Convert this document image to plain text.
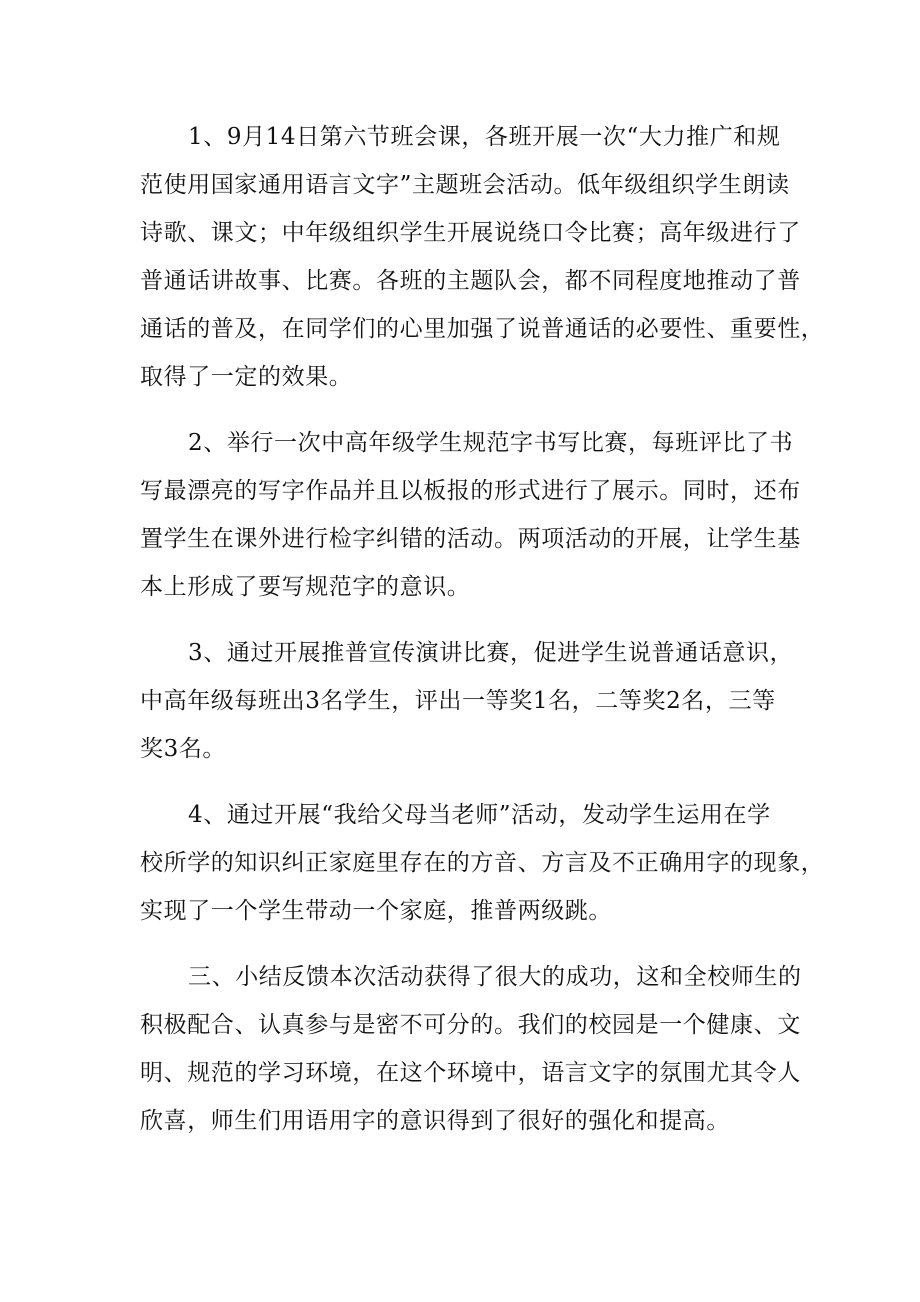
1、9月14日第六节班会课，各班开展一次“大力推广和规
范使用国家通用语言文字”主题班会活动。低年级组织学生朗读
诗歌、课文；中年级组织学生开展说绕口令比赛；高年级进行了
普通话讲故事、比赛。各班的主题队会，都不同程度地推动了普
通话的普及，在同学们的心里加强了说普通话的必要性、重要性，
取得了一定的效果。
2、举行一次中高年级学生规范字书写比赛，每班评比了书
写最漂亮的写字作品并且以板报的形式进行了展示。同时，还布
置学生在课外进行检字纠错的活动。两项活动的开展，让学生基
本上形成了要写规范字的意识。
3、通过开展推普宣传演讲比赛，促进学生说普通话意识，
中高年级每班出3名学生，评出一等奖1名，二等奖2名，三等
奖3名。
4、通过开展“我给父母当老师”活动，发动学生运用在学
校所学的知识纠正家庭里存在的方音、方言及不正确用字的现象，
实现了一个学生带动一个家庭，推普两级跳。
三、小结反馈本次活动获得了很大的成功，这和全校师生的
积极配合、认真参与是密不可分的。我们的校园是一个健康、文
明、规范的学习环境，在这个环境中，语言文字的氛围尤其令人
欣喜，师生们用语用字的意识得到了很好的强化和提高。
